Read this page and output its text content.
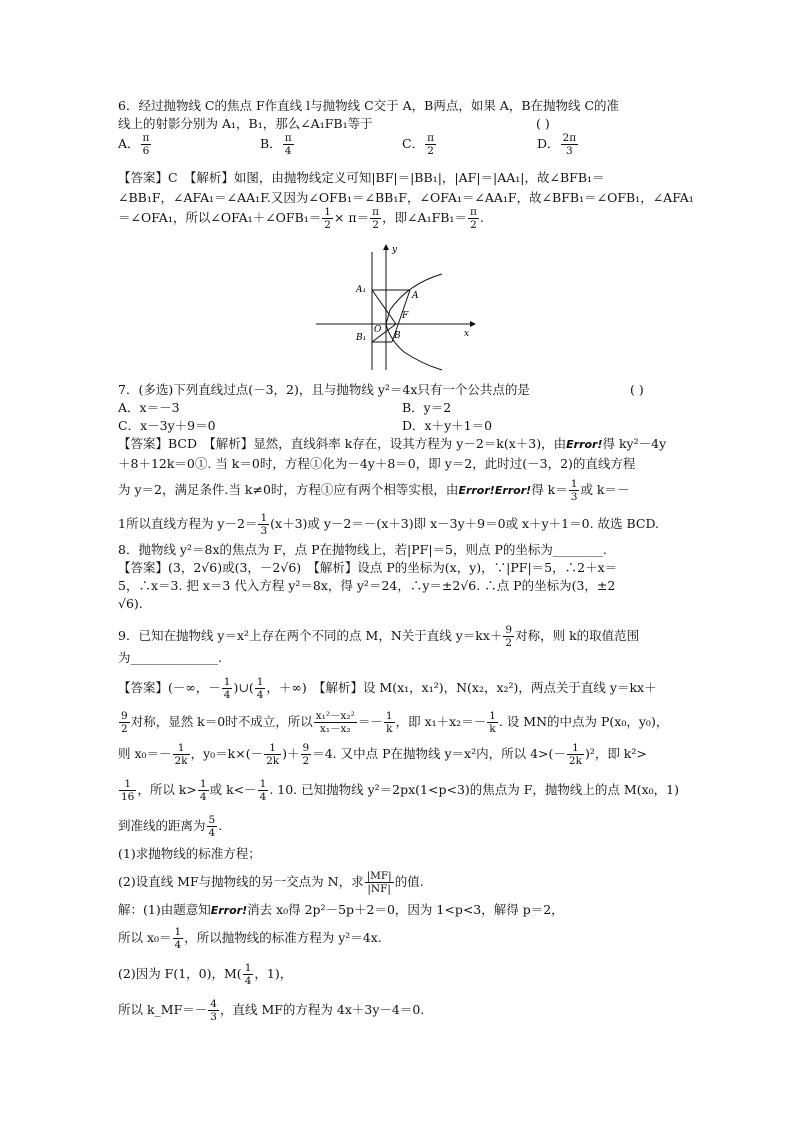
6．经过抛物线 C的焦点 F作直线 l与抛物线 C交于 A，B两点，如果 A，B在抛物线 C的准
线上的射影分别为 A₁，B₁，那么∠A₁FB₁等于	( )
A． $\frac{\pi}{6}$	B． $\frac{\pi}{4}$	C． $\frac{\pi}{2}$	D． $\frac{2\pi}{3}$
【答案】C　【解析】如图，由抛物线定义可知|BF|＝|BB₁|，|AF|＝|AA₁|，故∠BFB₁＝
∠BB₁F，∠AFA₁＝∠AA₁F.又因为∠OFB₁＝∠BB₁F，∠OFA₁＝∠AA₁F，故∠BFB₁＝∠OFB₁，∠AFA₁
＝∠OFA₁，所以∠OFA₁＋∠OFB₁＝ $\frac{1}{2} \times \pi= \frac{\pi}{2}$ ，即∠A₁FB₁＝ $\frac{\pi}{2}$ .
y
x
A₁
A
F
O
B₁	B
7．(多选)下列直线过点(－3，2)，且与抛物线 y²＝4x只有一个公共点的是	( )
A．x＝－3	B．y＝2
C．x－3y＋9＝0	D．x＋y＋1＝0
【答案】BCD　【解析】显然，直线斜率 k存在，设其方程为 y－2＝k(x＋3)，由Error!得 ky²－4y
＋8＋12k＝0①. 当 k＝0时，方程①化为－4y＋8＝0，即 y＝2，此时过(－3，2)的直线方程
为 y＝2，满足条件.当 k≠0时，方程①应有两个相等实根，由Error!Error!得 $k= \frac{1}{3}$ 或 k＝－
1所以直线方程为 $y-2= \frac{1}{3} (x+3)$或 y－2＝－(x＋3)即 x－3y＋9＝0或 x＋y＋1＝0. 故选 BCD.
8．抛物线 y²＝8x的焦点为 F，点 P在抛物线上，若|PF|＝5，则点 P的坐标为________.
【答案】(3，2√6)或(3，－2√6)　【解析】设点 P的坐标为(x，y)，∵|PF|＝5，∴2＋x＝
5，∴x＝3. 把 x＝3 代入方程 y²＝8x，得 y²＝24，∴y＝±2√6. ∴点 P的坐标为(3，±2
√6).
9．已知在抛物线 y＝x²上存在两个不同的点 M，N关于直线 $y=kx+ \frac{9}{2}$ 对称，则 k的取值范围
为______________.
【答案】(－∞，－ $\frac{1}{4}$ )∪( $\frac{1}{4}$ ，＋∞)　【解析】设 M(x₁，x₁²)，N(x₂，x₂²)，两点关于直线 y＝kx＋
$\frac{9}{2}$ 对称，显然 k＝0时不成立，所以 $\frac{\text{x₁²－x₂²}}{\text{x₁－x₂}} =- \frac{1}{k}$ ，即 $x_1+x_2=- \frac{1}{k}$ . 设 MN的中点为 P(x₀，y₀)，
则 $x_0=- \frac{1}{2k}$ ，$y_0=k\times(- \frac{1}{2k}$ )＋ $\frac{9}{2} =4$. 又中点 P在抛物线 y＝x²内，所以 $4>(- \frac{1}{2k} )^2$，即 k²>
$\frac{1}{16}$ ，所以 $k> \frac{1}{4}$ 或 $k<- \frac{1}{4}$ . 10. 已知抛物线 y²＝2px(1<p<3)的焦点为 F，抛物线上的点 M(x₀，1)
到准线的距离为 $\frac{5}{4}$ .
(1)求抛物线的标准方程；
(2)设直线 MF与抛物线的另一交点为 N，求 $\frac{|MF|}{|NF|}$ 的值.
解：(1)由题意知Error!消去 x₀得 2p²－5p＋2＝0，因为 1<p<3，解得 p＝2，
所以 $x_0= \frac{1}{4}$ ，所以抛物线的标准方程为 y²＝4x.
(2)因为 F(1，0)，$M( \frac{1}{4}$ ，1)，
所以 k_MF＝－ $\frac{4}{3}$ ，直线 MF的方程为 4x＋3y－4＝0.
